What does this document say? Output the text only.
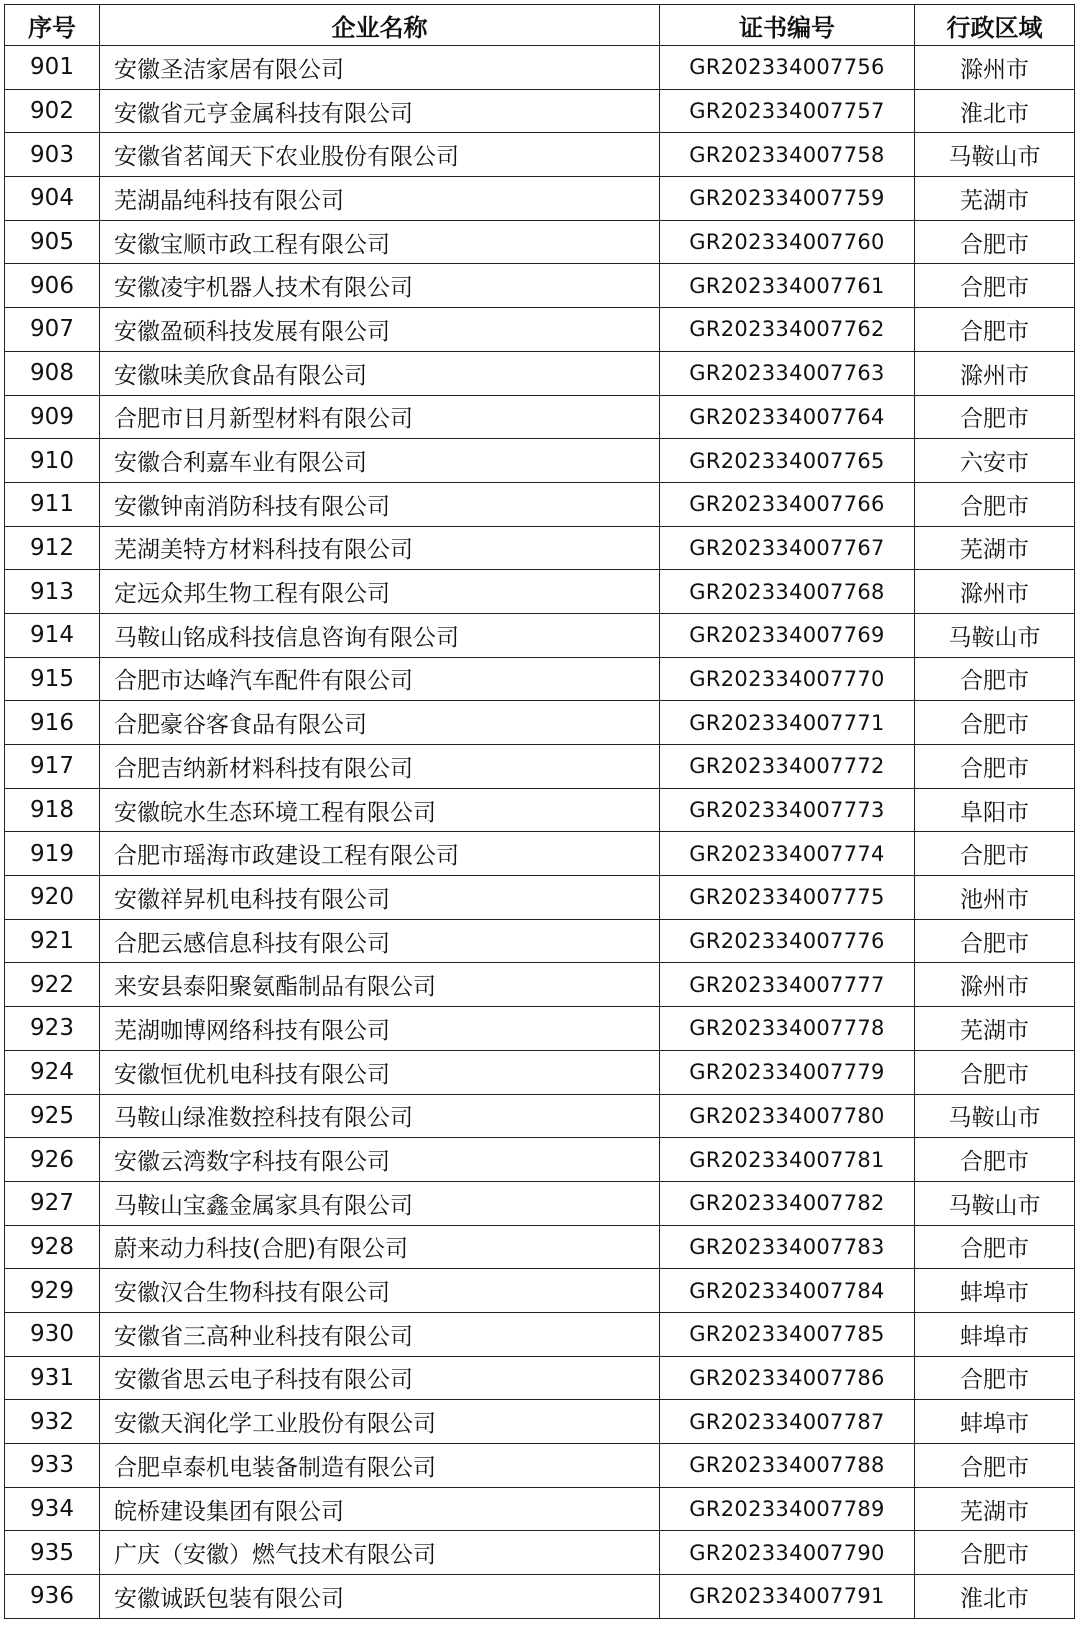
序号	企业名称	证书编号	行政区域
901	安徽圣洁家居有限公司	GR202334007756	滁州市
902	安徽省元亨金属科技有限公司	GR202334007757	淮北市
903	安徽省茗闻天下农业股份有限公司	GR202334007758	马鞍山市
904	芜湖晶纯科技有限公司	GR202334007759	芜湖市
905	安徽宝顺市政工程有限公司	GR202334007760	合肥市
906	安徽凌宇机器人技术有限公司	GR202334007761	合肥市
907	安徽盈硕科技发展有限公司	GR202334007762	合肥市
908	安徽味美欣食品有限公司	GR202334007763	滁州市
909	合肥市日月新型材料有限公司	GR202334007764	合肥市
910	安徽合利嘉车业有限公司	GR202334007765	六安市
911	安徽钟南消防科技有限公司	GR202334007766	合肥市
912	芜湖美特方材料科技有限公司	GR202334007767	芜湖市
913	定远众邦生物工程有限公司	GR202334007768	滁州市
914	马鞍山铭成科技信息咨询有限公司	GR202334007769	马鞍山市
915	合肥市达峰汽车配件有限公司	GR202334007770	合肥市
916	合肥豪谷客食品有限公司	GR202334007771	合肥市
917	合肥吉纳新材料科技有限公司	GR202334007772	合肥市
918	安徽皖水生态环境工程有限公司	GR202334007773	阜阳市
919	合肥市瑶海市政建设工程有限公司	GR202334007774	合肥市
920	安徽祥昇机电科技有限公司	GR202334007775	池州市
921	合肥云感信息科技有限公司	GR202334007776	合肥市
922	来安县泰阳聚氨酯制品有限公司	GR202334007777	滁州市
923	芜湖咖博网络科技有限公司	GR202334007778	芜湖市
924	安徽恒优机电科技有限公司	GR202334007779	合肥市
925	马鞍山绿准数控科技有限公司	GR202334007780	马鞍山市
926	安徽云湾数字科技有限公司	GR202334007781	合肥市
927	马鞍山宝鑫金属家具有限公司	GR202334007782	马鞍山市
928	蔚来动力科技(合肥)有限公司	GR202334007783	合肥市
929	安徽汉合生物科技有限公司	GR202334007784	蚌埠市
930	安徽省三高种业科技有限公司	GR202334007785	蚌埠市
931	安徽省思云电子科技有限公司	GR202334007786	合肥市
932	安徽天润化学工业股份有限公司	GR202334007787	蚌埠市
933	合肥卓泰机电装备制造有限公司	GR202334007788	合肥市
934	皖桥建设集团有限公司	GR202334007789	芜湖市
935	广庆（安徽）燃气技术有限公司	GR202334007790	合肥市
936	安徽诚跃包装有限公司	GR202334007791	淮北市
